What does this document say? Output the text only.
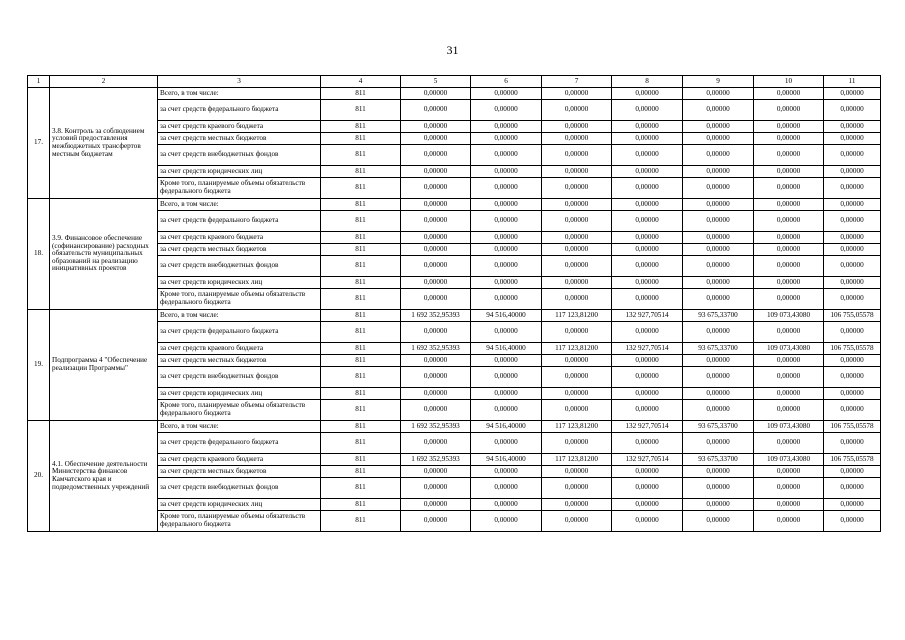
31
1	2	3	4	5	6	7	8	9	10	11
17.	3.8. Контроль за соблюдением условий предоставления межбюджетных трансфертов местным бюджетам	Всего, в том числе:	811	0,00000	0,00000	0,00000	0,00000	0,00000	0,00000	0,00000
		за счет средств федерального бюджета	811	0,00000	0,00000	0,00000	0,00000	0,00000	0,00000	0,00000
		за счет средств краевого бюджета	811	0,00000	0,00000	0,00000	0,00000	0,00000	0,00000	0,00000
		за счет средств местных бюджетов	811	0,00000	0,00000	0,00000	0,00000	0,00000	0,00000	0,00000
		за счет средств внебюджетных фондов	811	0,00000	0,00000	0,00000	0,00000	0,00000	0,00000	0,00000
		за счет средств юридических лиц	811	0,00000	0,00000	0,00000	0,00000	0,00000	0,00000	0,00000
		Кроме того, планируемые объемы обязательств федерального бюджета	811	0,00000	0,00000	0,00000	0,00000	0,00000	0,00000	0,00000
18.	3.9. Финансовое обеспечение (софинансирование) расходных обязательств муниципальных образований на реализацию инициативных проектов	Всего, в том числе:	811	0,00000	0,00000	0,00000	0,00000	0,00000	0,00000	0,00000
		за счет средств федерального бюджета	811	0,00000	0,00000	0,00000	0,00000	0,00000	0,00000	0,00000
		за счет средств краевого бюджета	811	0,00000	0,00000	0,00000	0,00000	0,00000	0,00000	0,00000
		за счет средств местных бюджетов	811	0,00000	0,00000	0,00000	0,00000	0,00000	0,00000	0,00000
		за счет средств внебюджетных фондов	811	0,00000	0,00000	0,00000	0,00000	0,00000	0,00000	0,00000
		за счет средств юридических лиц	811	0,00000	0,00000	0,00000	0,00000	0,00000	0,00000	0,00000
		Кроме того, планируемые объемы обязательств федерального бюджета	811	0,00000	0,00000	0,00000	0,00000	0,00000	0,00000	0,00000
19.	Подпрограмма 4 "Обеспечение реализации Программы"	Всего, в том числе:	811	1 692 352,95393	94 516,40000	117 123,81200	132 927,70514	93 675,33700	109 073,43080	106 755,05578
		за счет средств федерального бюджета	811	0,00000	0,00000	0,00000	0,00000	0,00000	0,00000	0,00000
		за счет средств краевого бюджета	811	1 692 352,95393	94 516,40000	117 123,81200	132 927,70514	93 675,33700	109 073,43080	106 755,05578
		за счет средств местных бюджетов	811	0,00000	0,00000	0,00000	0,00000	0,00000	0,00000	0,00000
		за счет средств внебюджетных фондов	811	0,00000	0,00000	0,00000	0,00000	0,00000	0,00000	0,00000
		за счет средств юридических лиц	811	0,00000	0,00000	0,00000	0,00000	0,00000	0,00000	0,00000
		Кроме того, планируемые объемы обязательств федерального бюджета	811	0,00000	0,00000	0,00000	0,00000	0,00000	0,00000	0,00000
20.	4.1. Обеспечение деятельности Министерства финансов Камчатского края и подведомственных учреждений	Всего, в том числе:	811	1 692 352,95393	94 516,40000	117 123,81200	132 927,70514	93 675,33700	109 073,43080	106 755,05578
		за счет средств федерального бюджета	811	0,00000	0,00000	0,00000	0,00000	0,00000	0,00000	0,00000
		за счет средств краевого бюджета	811	1 692 352,95393	94 516,40000	117 123,81200	132 927,70514	93 675,33700	109 073,43080	106 755,05578
		за счет средств местных бюджетов	811	0,00000	0,00000	0,00000	0,00000	0,00000	0,00000	0,00000
		за счет средств внебюджетных фондов	811	0,00000	0,00000	0,00000	0,00000	0,00000	0,00000	0,00000
		за счет средств юридических лиц	811	0,00000	0,00000	0,00000	0,00000	0,00000	0,00000	0,00000
		Кроме того, планируемые объемы обязательств федерального бюджета	811	0,00000	0,00000	0,00000	0,00000	0,00000	0,00000	0,00000
